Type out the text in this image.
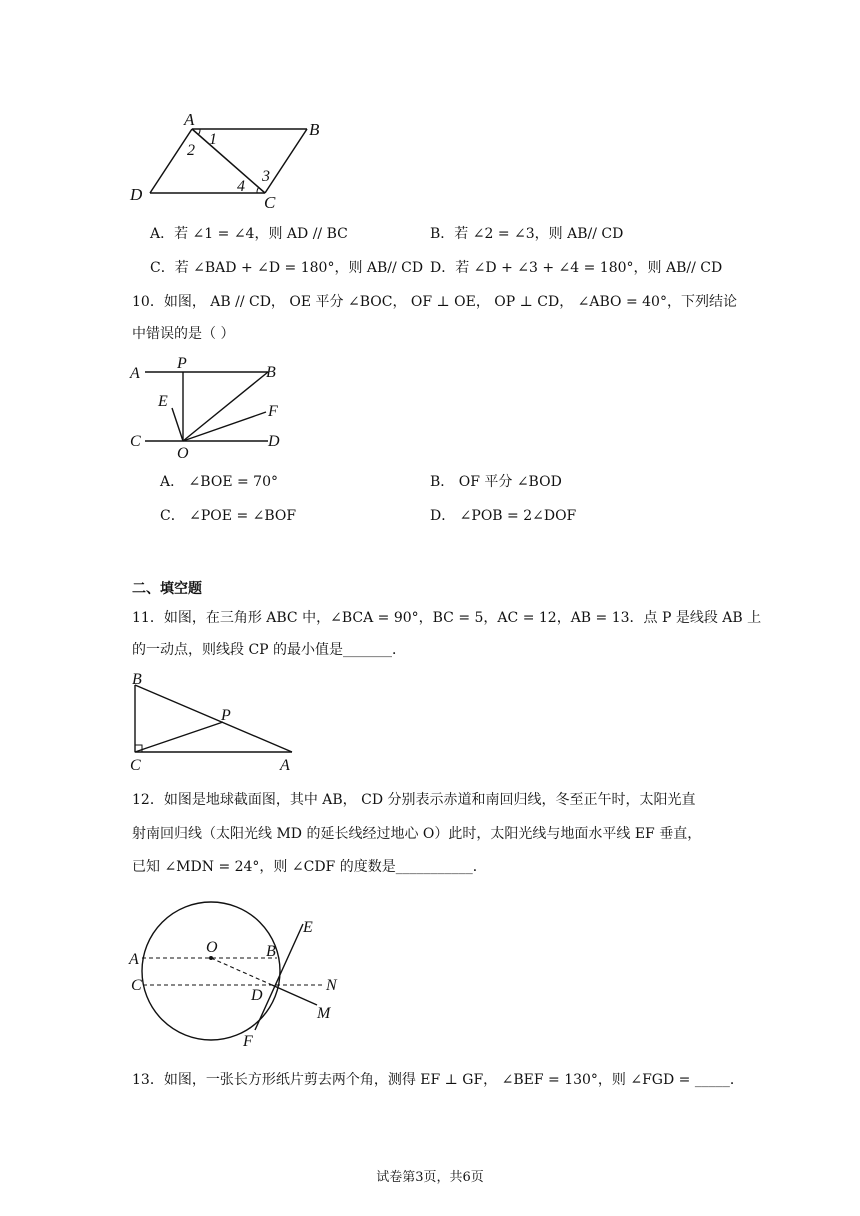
A
B
C
D
1
2
3
4
A．若 ∠1 = ∠4，则 AD // BC	B．若 ∠2 = ∠3，则 AB// CD
C．若 ∠BAD + ∠D = 180°，则 AB// CD D．若 ∠D + ∠3 + ∠4 = 180°，则 AB// CD
10．如图， AB // CD， OE 平分 ∠BOC， OF ⊥ OE， OP ⊥ CD， ∠ABO = 40°，下列结论
中错误的是（ ）
A
P
B
E
F
C
O
D
A． ∠BOE = 70°	B． OF 平分 ∠BOD
C． ∠POE = ∠BOF	D． ∠POB = 2∠DOF
二、填空题
11．如图，在三角形 ABC 中，∠BCA = 90°，BC = 5，AC = 12，AB = 13．点 P 是线段 AB 上
的一动点，则线段 CP 的最小值是_______．
B
P
C	A
12．如图是地球截面图，其中 AB， CD 分别表示赤道和南回归线，冬至正午时，太阳光直
射南回归线（太阳光线 MD 的延长线经过地心 O）此时，太阳光线与地面水平线 EF 垂直，
已知 ∠MDN = 24°，则 ∠CDF 的度数是___________．
O	B
E
A
C
D
N
M
F
13．如图，一张长方形纸片剪去两个角，测得 EF ⊥ GF， ∠BEF = 130°，则 ∠FGD = _____．
试卷第3页，共6页
